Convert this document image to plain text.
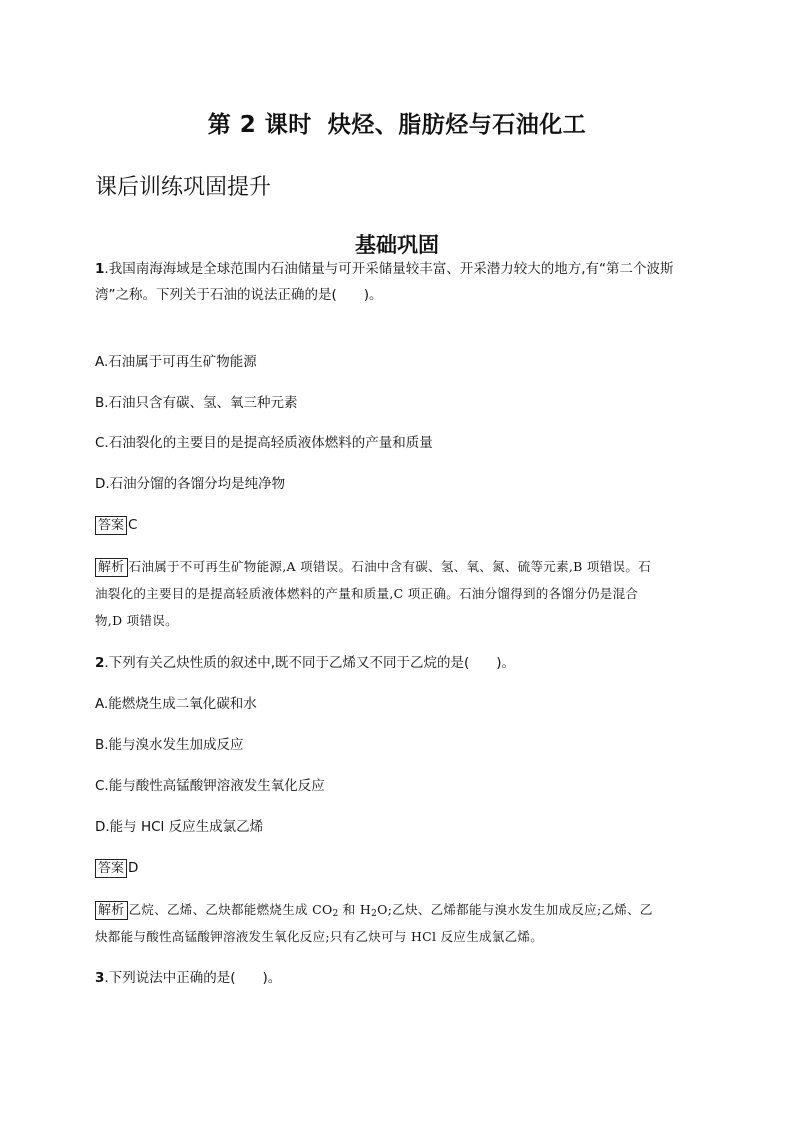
第 2 课时 炔烃、脂肪烃与石油化工
课后训练巩固提升
基础巩固
1.我国南海海域是全球范围内石油储量与可开采储量较丰富、开采潜力较大的地方,有“第二个波斯
湾”之称。下列关于石油的说法正确的是(　　)。
A.石油属于可再生矿物能源
B.石油只含有碳、氢、氧三种元素
C.石油裂化的主要目的是提高轻质液体燃料的产量和质量
D.石油分馏的各馏分均是纯净物
答案 C
解析 石油属于不可再生矿物能源,A 项错误。石油中含有碳、氢、氧、氮、硫等元素,B 项错误。石
油裂化的主要目的是提高轻质液体燃料的产量和质量,C 项正确。石油分馏得到的各馏分仍是混合
物,D 项错误。
2.下列有关乙炔性质的叙述中,既不同于乙烯又不同于乙烷的是(　　)。
A.能燃烧生成二氧化碳和水
B.能与溴水发生加成反应
C.能与酸性高锰酸钾溶液发生氧化反应
D.能与 HCl 反应生成氯乙烯
答案 D
解析 乙烷、乙烯、乙炔都能燃烧生成 $CO_2$ 和 $H_2O$;乙炔、乙烯都能与溴水发生加成反应;乙烯、乙
炔都能与酸性高锰酸钾溶液发生氧化反应;只有乙炔可与 HCl 反应生成氯乙烯。
3.下列说法中正确的是(　　)。
